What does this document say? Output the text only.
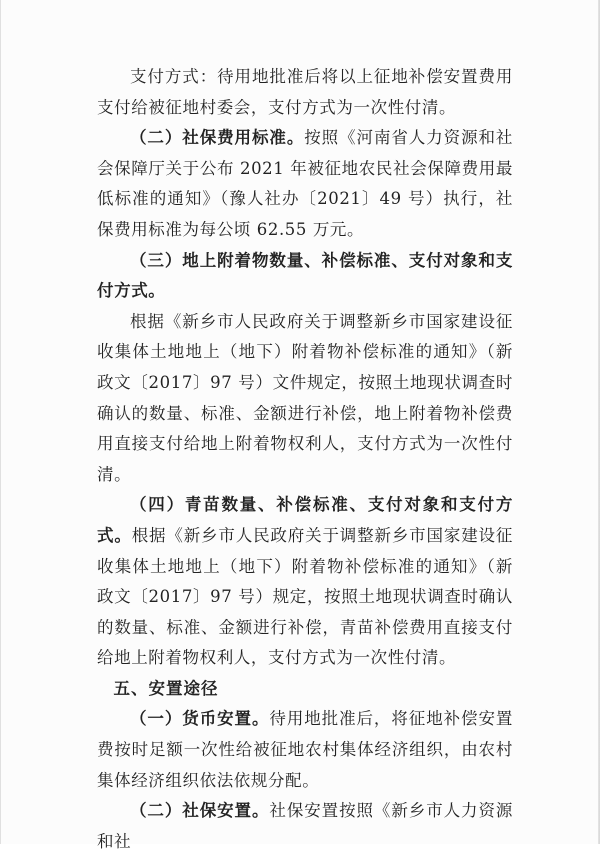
支付方式：待用地批准后将以上征地补偿安置费用支付给被征地村委会，支付方式为一次性付清。

（二）社保费用标准。按照《河南省人力资源和社会保障厅关于公布 2021 年被征地农民社会保障费用最低标准的通知》（豫人社办〔2021〕49 号）执行，社保费用标准为每公顷 62.55 万元。

（三）地上附着物数量、补偿标准、支付对象和支付方式。

根据《新乡市人民政府关于调整新乡市国家建设征收集体土地地上（地下）附着物补偿标准的通知》（新政文〔2017〕97 号）文件规定，按照土地现状调查时确认的数量、标准、金额进行补偿，地上附着物补偿费用直接支付给地上附着物权利人，支付方式为一次性付清。

（四）青苗数量、补偿标准、支付对象和支付方式。根据《新乡市人民政府关于调整新乡市国家建设征收集体土地地上（地下）附着物补偿标准的通知》（新政文〔2017〕97 号）规定，按照土地现状调查时确认的数量、标准、金额进行补偿，青苗补偿费用直接支付给地上附着物权利人，支付方式为一次性付清。

五、安置途径

（一）货币安置。待用地批准后，将征地补偿安置费按时足额一次性给被征地农村集体经济组织，由农村集体经济组织依法依规分配。

（二）社保安置。社保安置按照《新乡市人力资源和社
